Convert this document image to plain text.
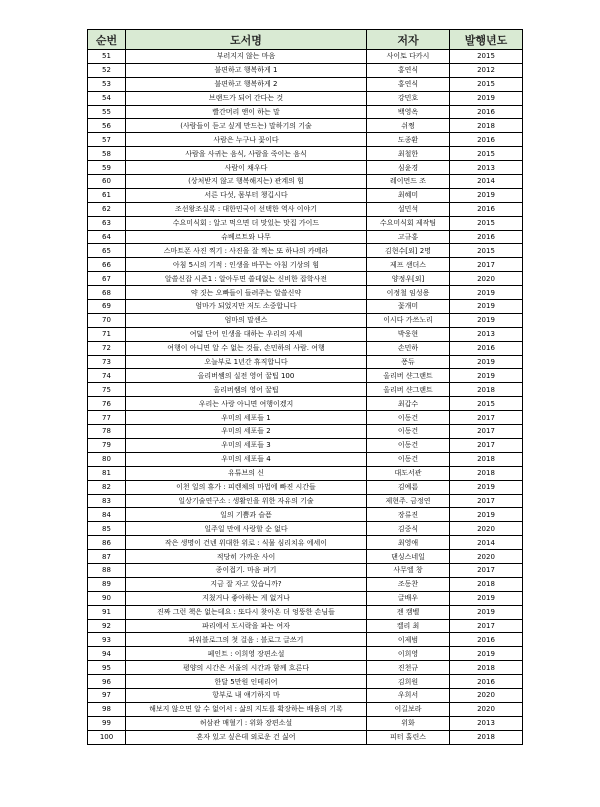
순번	도서명	저자	발행년도
51	부러지지 않는 마음	사이토 다카시	2015
52	불편하고 행복하게 1	홍연식	2012
53	불편하고 행복하게 2	홍연식	2015
54	브랜드가 되어 간다는 것	강민호	2019
55	빨간머리 앤이 하는 말	백영옥	2016
56	(사람들이 듣고 싶게 만드는) 말하기의 기술	쉬쩡	2018
57	사람은 누구나 꽃이다	도종환	2016
58	사람을 사귀는 음식, 사람을 죽이는 음식	최철한	2015
59	사람이 채우다	심윤경	2013
60	(상처받지 않고 행복해지는) 관계의 힘	레이먼드 조	2014
61	서른 다섯, 몸부터 챙깁시다	최혜미	2019
62	조선왕조실록 : 대한민국이 선택한 역사 이야기	설민석	2016
63	수요미식회 : 알고 먹으면 더 맛있는 맛집 가이드	수요미식회 제작팀	2015
64	슈베르트와 나무	고규홍	2016
65	스마트폰 사진 찍기 : 사진을 잘 찍는 또 하나의 카메라	김현수[외] 2명	2015
66	아침 5시의 기적 : 인생을 바꾸는 아침 기상의 힘	제프 샌더스	2017
67	알쓸신잡 시즌1 : 알아두면 쓸데없는 신비한 잡학사전	양정우[외]	2020
68	약 짓는 오빠들이 들려주는 알쓸신약	이정철 임성용	2019
69	엄마가 되었지만 저도 소중합니다	꽃개미	2019
70	엄마의 말센스	이시다 가쓰노리	2019
71	여덟 단어 인생을 대하는 우리의 자세	박웅현	2013
72	여행이 아니면 알 수 없는 것들, 손민하의 사람. 여행	손민하	2016
73	오늘부로 1년간 휴직합니다	퐁듀	2019
74	올리버쌤의 실전 영어 꿀팁 100	올리버 샨그랜트	2019
75	올리버쌤의 영어 꿀팁	올리버 샨그랜트	2018
76	우리는 사랑 아니면 여행이겠지	최갑수	2015
77	우미의 세포들 1	이동건	2017
78	우미의 세포들 2	이동건	2017
79	우미의 세포들 3	이동건	2017
80	우미의 세포들 4	이동건	2018
81	유튜브의 신	대도서관	2018
82	이천 일의 휴가 : 피렌체의 마법에 빠진 시간들	김예름	2019
83	일상기술연구소 : 생활인을 위한 자유의 기술	제현주. 금정연	2017
84	일의 기쁨과 슬픔	장류진	2019
85	일주일 만에 사랑할 순 없다	김중식	2020
86	작은 생명이 건넨 위대한 위로 : 식물 심리치유 에세이	최영애	2014
87	적당히 가까운 사이	댄싱스네일	2020
88	종이접기. 마음 펴기	사무엘 창	2017
89	지금 잘 자고 있습니까?	조동찬	2018
90	지쳤거나 좋아하는 게 없거나	글배우	2019
91	진짜 그런 책은 없는데요 : 또다시 찾아온 더 엉뚱한 손님들	젠 캠벨	2019
92	파리에서 도시락을 파는 여자	켈리 최	2017
93	파워블로그의 첫 걸음 : 블로그 글쓰기	이제범	2016
94	페인트 : 이희영 장편소설	이희영	2019
95	평양의 시간은 서울의 시간과 함께 흐른다	진천규	2018
96	한달 5만원 인테리어	김희원	2016
97	항부로 내 얘기하지 마	우희서	2020
98	해보지 않으면 알 수 없어서 : 삶의 지도를 확장하는 배움의 기록	이길보라	2020
99	허삼관 매혈기 : 위화 장편소설	위화	2013
100	혼자 있고 싶은데 외로운 건 싫어	피터 홀린스	2018
